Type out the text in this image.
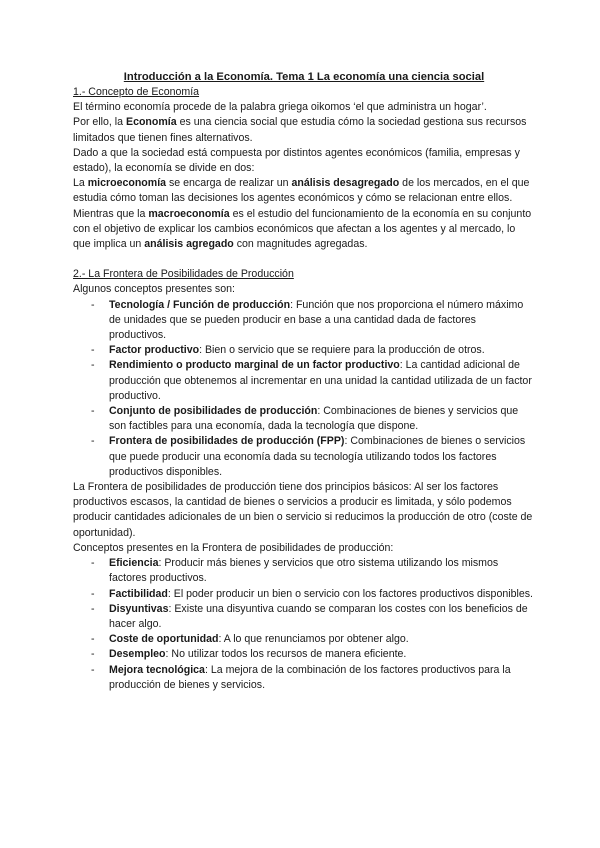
Introducción a la Economía. Tema 1 La economía una ciencia social
1.- Concepto de Economía

El término economía procede de la palabra griega oikomos ‘el que administra un hogar’.

Por ello, la Economía es una ciencia social que estudia cómo la sociedad gestiona sus recursos limitados que tienen fines alternativos.

Dado a que la sociedad está compuesta por distintos agentes económicos (familia, empresas y estado), la economía se divide en dos:

La microeconomía se encarga de realizar un análisis desagregado de los mercados, en el que estudia cómo toman las decisiones los agentes económicos y cómo se relacionan entre ellos. Mientras que la macroeconomía es el estudio del funcionamiento de la economía en su conjunto con el objetivo de explicar los cambios económicos que afectan a los agentes y al mercado, lo que implica un análisis agregado con magnitudes agregadas.

2.- La Frontera de Posibilidades de Producción

Algunos conceptos presentes son:

- Tecnología / Función de producción: Función que nos proporciona el número máximo de unidades que se pueden producir en base a una cantidad dada de factores productivos.
- Factor productivo: Bien o servicio que se requiere para la producción de otros.
- Rendimiento o producto marginal de un factor productivo: La cantidad adicional de producción que obtenemos al incrementar en una unidad la cantidad utilizada de un factor productivo.
- Conjunto de posibilidades de producción: Combinaciones de bienes y servicios que son factibles para una economía, dada la tecnología que dispone.
- Frontera de posibilidades de producción (FPP): Combinaciones de bienes o servicios que puede producir una economía dada su tecnología utilizando todos los factores productivos disponibles.

La Frontera de posibilidades de producción tiene dos principios básicos: Al ser los factores productivos escasos, la cantidad de bienes o servicios a producir es limitada, y sólo podemos producir cantidades adicionales de un bien o servicio si reducimos la producción de otro (coste de oportunidad).

Conceptos presentes en la Frontera de posibilidades de producción:

- Eficiencia: Producir más bienes y servicios que otro sistema utilizando los mismos factores productivos.
- Factibilidad: El poder producir un bien o servicio con los factores productivos disponibles.
- Disyuntivas: Existe una disyuntiva cuando se comparan los costes con los beneficios de hacer algo.
- Coste de oportunidad: A lo que renunciamos por obtener algo.
- Desempleo: No utilizar todos los recursos de manera eficiente.
- Mejora tecnológica: La mejora de la combinación de los factores productivos para la producción de bienes y servicios.
